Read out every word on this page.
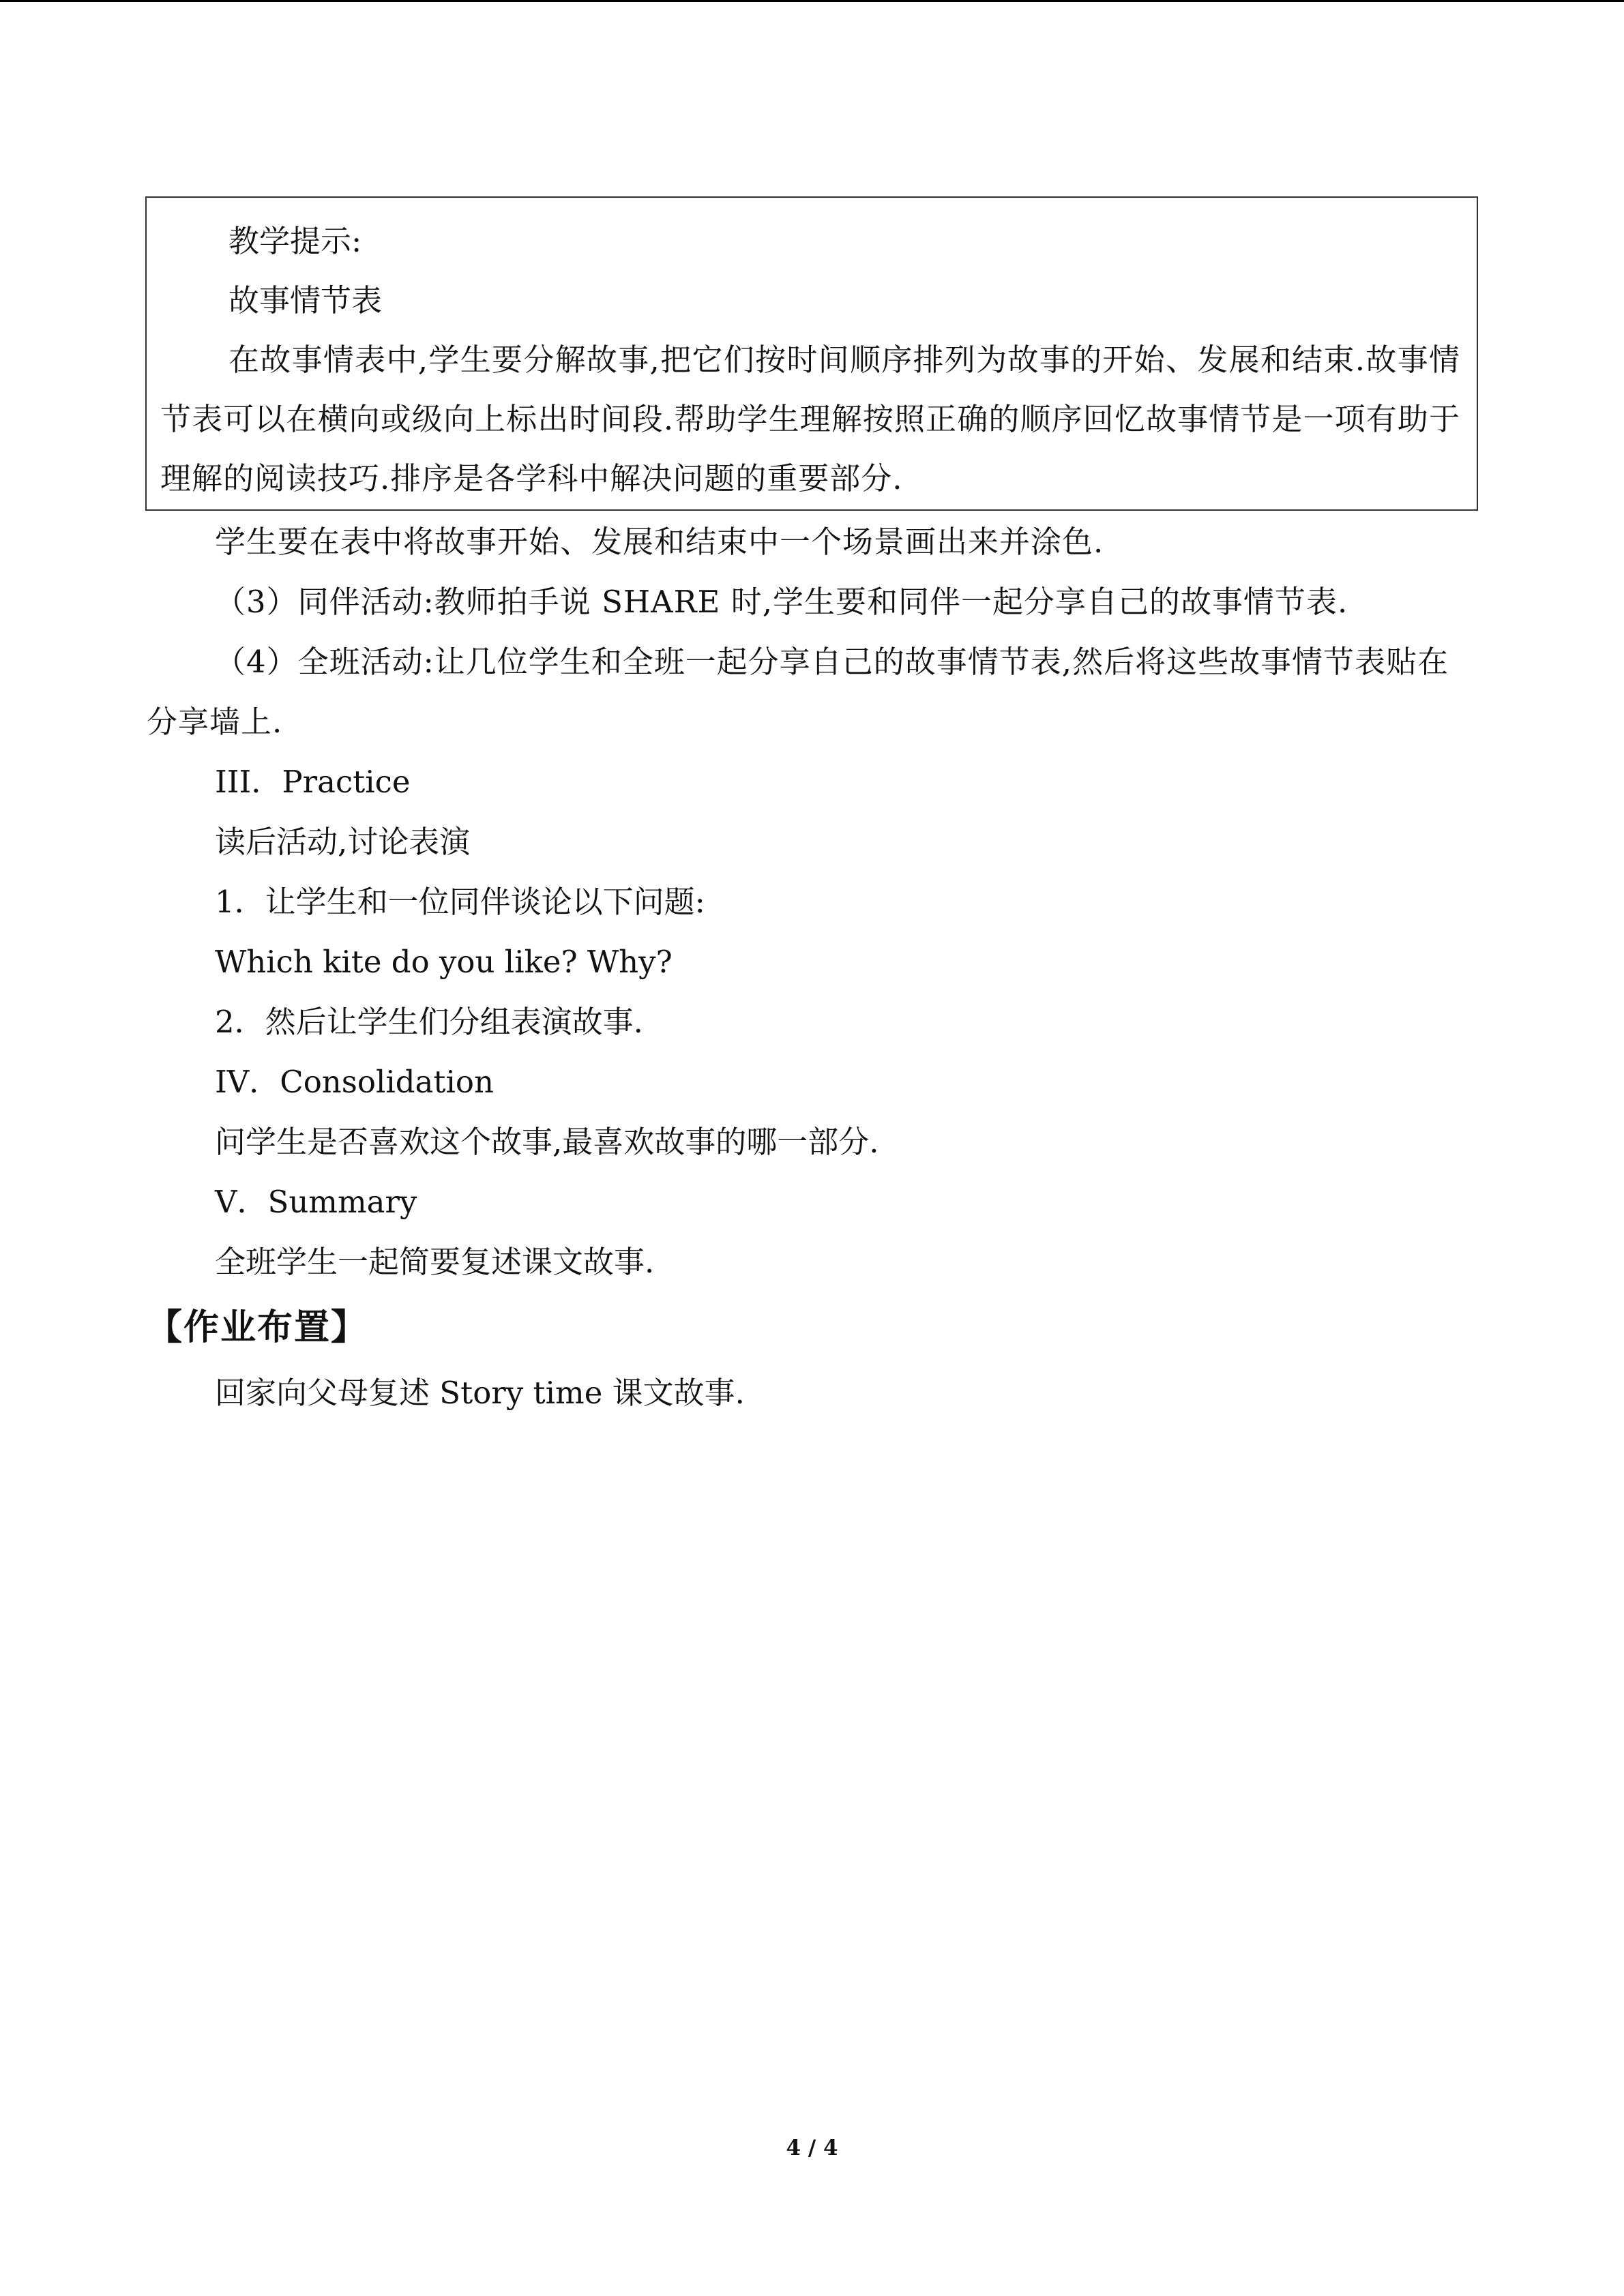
教学提示:

故事情节表

在故事情表中,学生要分解故事,把它们按时间顺序排列为故事的开始、发展和结束.故事情节表可以在横向或级向上标出时间段.帮助学生理解按照正确的顺序回忆故事情节是一项有助于理解的阅读技巧.排序是各学科中解决问题的重要部分.

学生要在表中将故事开始、发展和结束中一个场景画出来并涂色.

（3）同伴活动:教师拍手说 SHARE 时,学生要和同伴一起分享自己的故事情节表.

（4）全班活动:让几位学生和全班一起分享自己的故事情节表,然后将这些故事情节表贴在分享墙上.

III．Practice

读后活动,讨论表演

1．让学生和一位同伴谈论以下问题:

Which kite do you like? Why?

2．然后让学生们分组表演故事.

IV．Consolidation

问学生是否喜欢这个故事,最喜欢故事的哪一部分.

V．Summary

全班学生一起简要复述课文故事.

【作业布置】

回家向父母复述 Story time 课文故事.

4 / 4
